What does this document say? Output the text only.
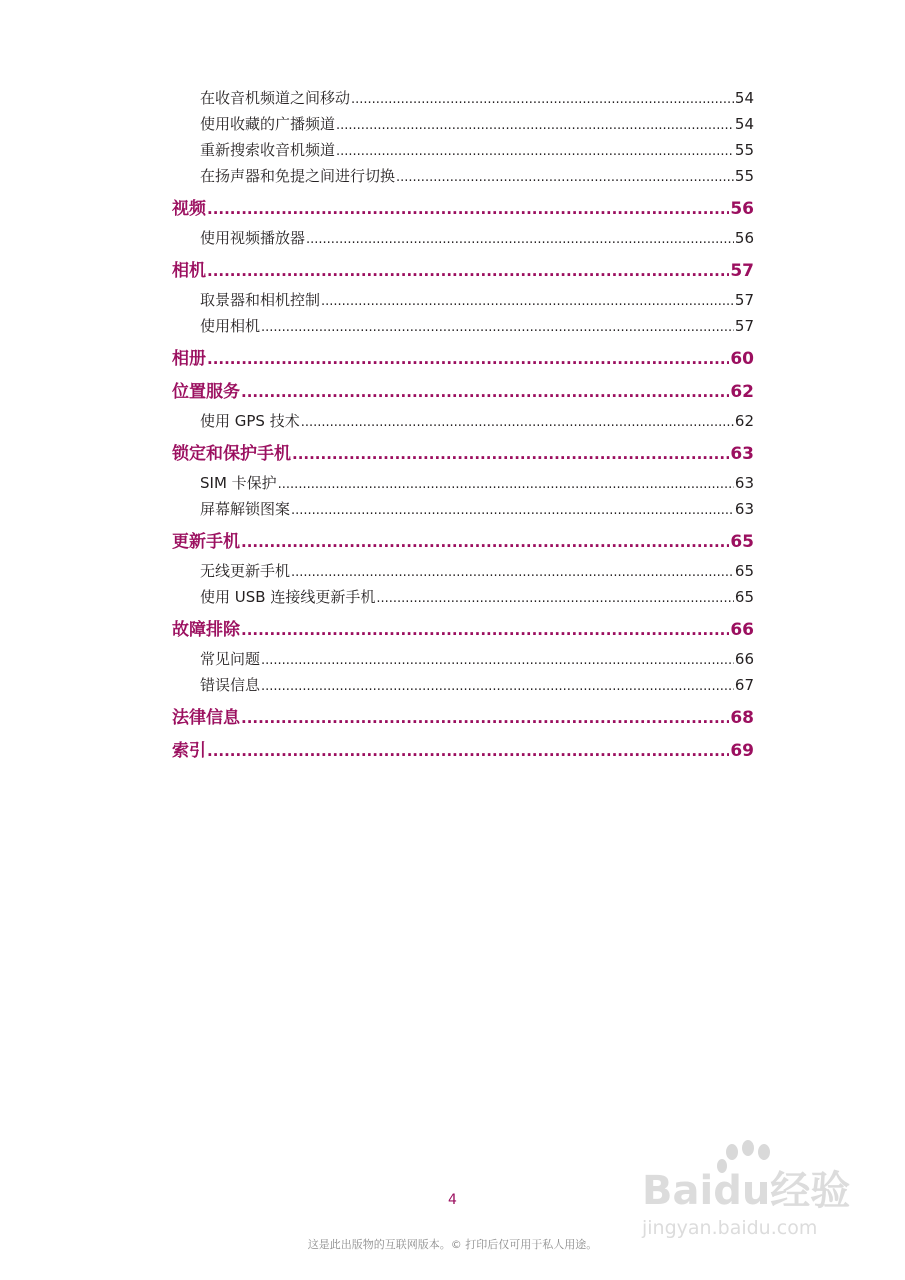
在收音机频道之间移动 .....	54
使用收藏的广播频道 .....	54
重新搜索收音机频道 .....	55
在扬声器和免提之间进行切换 .....	55
视频 .....	56
使用视频播放器 .....	56
相机 .....	57
取景器和相机控制 .....	57
使用相机 .....	57
相册 .....	60
位置服务 .....	62
使用 GPS 技术 .....	62
锁定和保护手机 .....	63
SIM 卡保护 .....	63
屏幕解锁图案 .....	63
更新手机 .....	65
无线更新手机 .....	65
使用 USB 连接线更新手机 .....	65
故障排除 .....	66
常见问题 .....	66
错误信息 .....	67
法律信息 .....	68
索引 .....	69
4
这是此出版物的互联网版本。© 打印后仅可用于私人用途。
Baidu经验
jingyan.baidu.com
